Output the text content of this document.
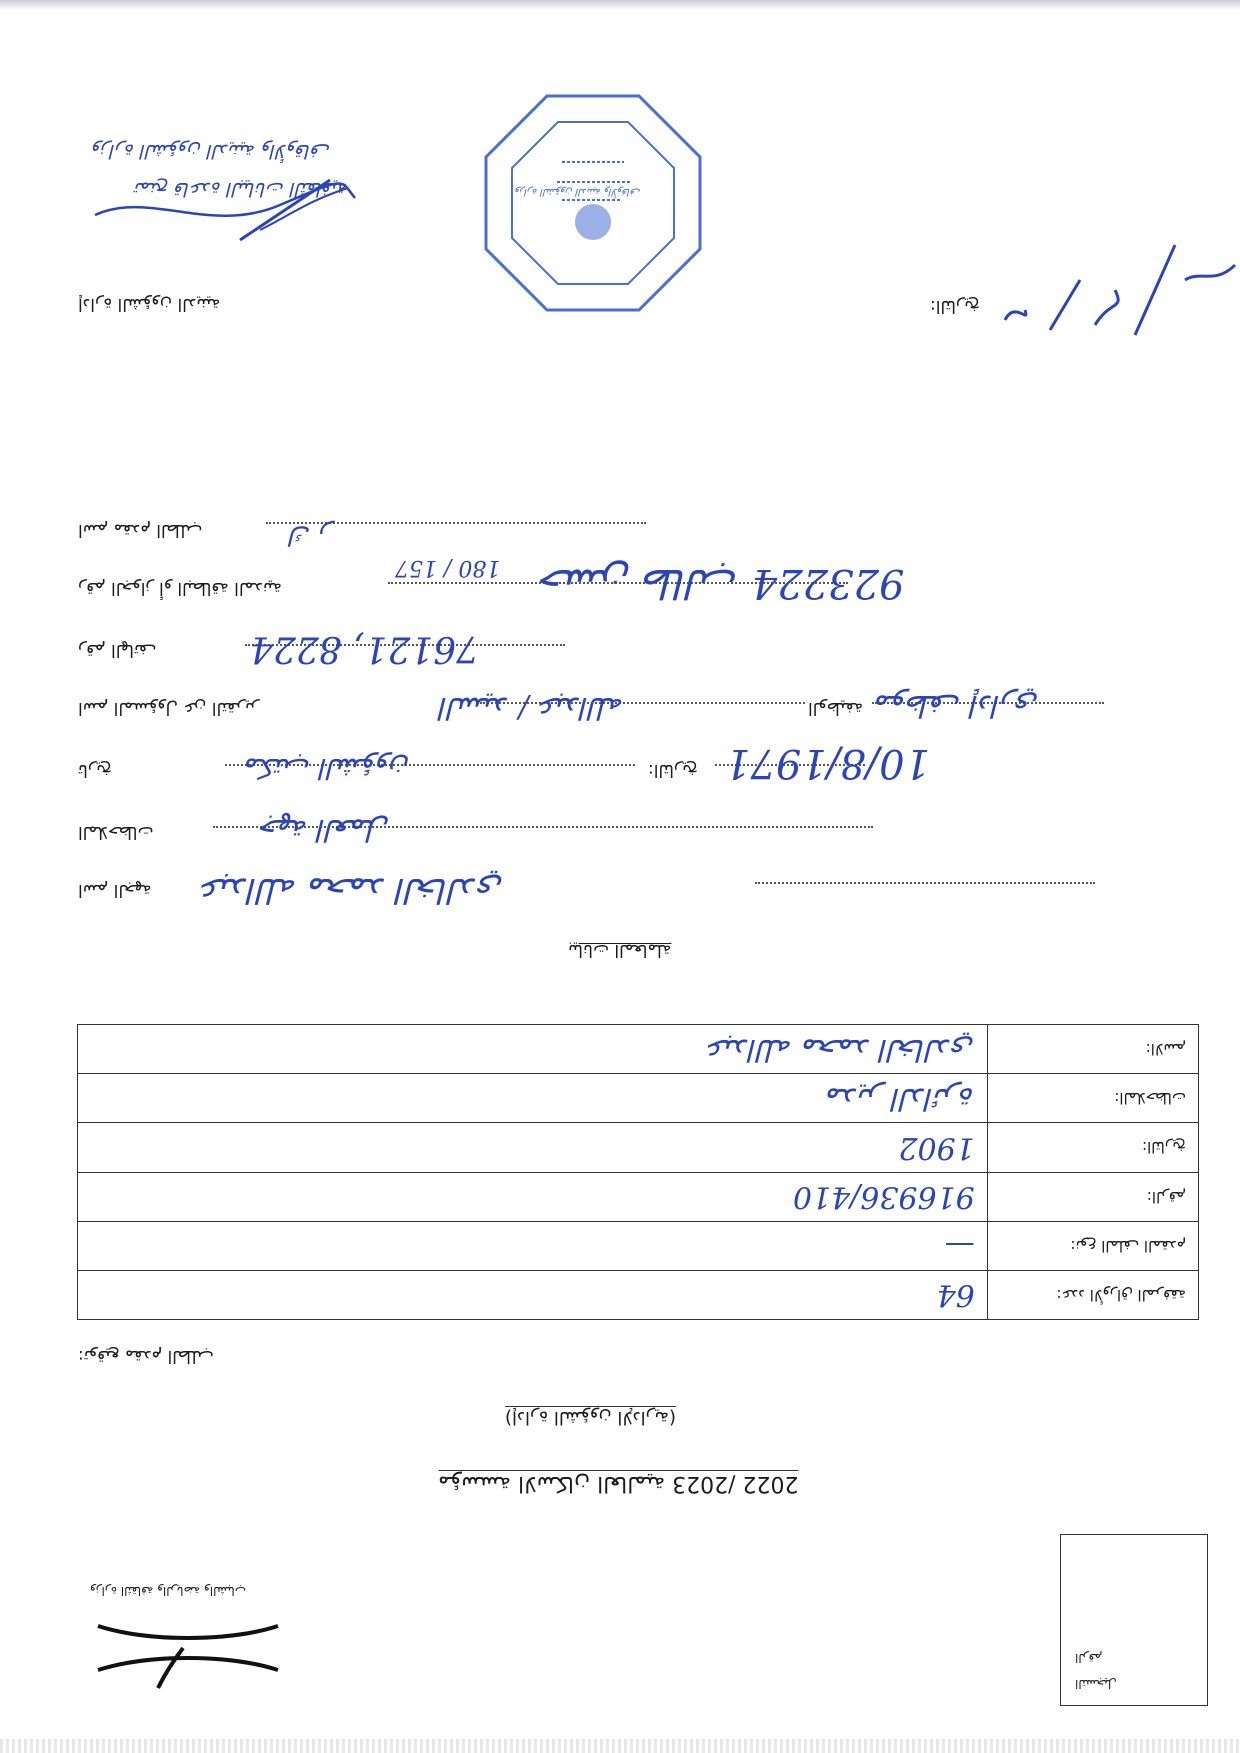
وزارة الشؤون الدينية والأوقاف
تمنح قاعدة البيانات الثقافية	وزارة الشؤون الدينية والأوقاف
التاريخ:
إدارة الشؤون الدينية
اسم مقدم الطلب	ك ر
رقم الجواز أو البطاقة المدنية
180 / 157	923224 حسن طالب
رقم الهاتف	76121, 8224
اسم المسؤول عن التقرير	السيد / عبدالله	الوظيفة موظف إداري
تاريخ	مكتب الشؤون	التاريخ:	10/8/1971
الملاحظات	جهة العمل
اسم الجهة عبدالله محمد الخالدي
بيانات المعاملة
عدد الأوراق المرفقة:	64
نوع الملف المقدم:	—
الرقم:	916936/410
التاريخ:	1902
الملاحظات:	مدير الدائرة
الاسم:	عبدالله محمد الخالدي
توقيع مقدم الطلب:
(إدارة الشؤون الإدارية)
2022 /2023 مؤسسة الاسكان العالمية
وزارة الثقافة والرياضة والشباب
الرقم
التسجيل
